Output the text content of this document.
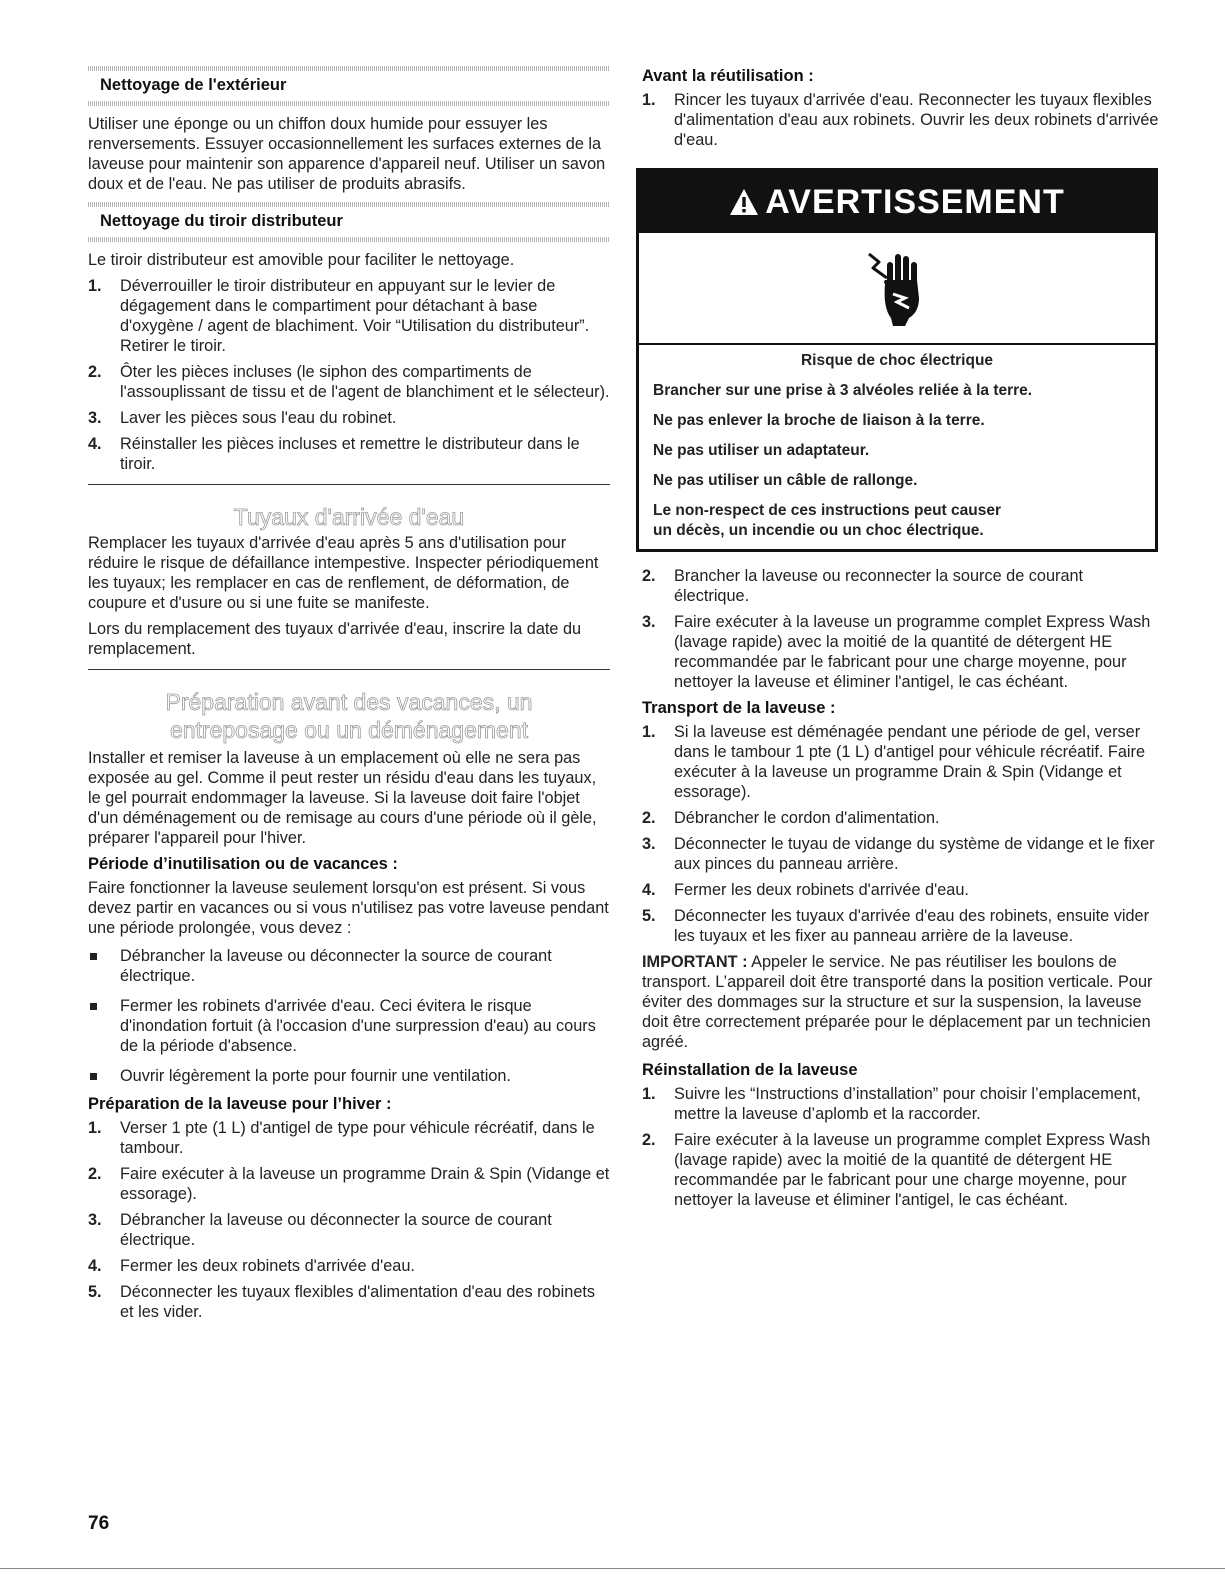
Nettoyage de l'extérieur

Utiliser une éponge ou un chiffon doux humide pour essuyer les renversements. Essuyer occasionnellement les surfaces externes de la laveuse pour maintenir son apparence d'appareil neuf. Utiliser un savon doux et de l'eau. Ne pas utiliser de produits abrasifs.

Nettoyage du tiroir distributeur

Le tiroir distributeur est amovible pour faciliter le nettoyage.

1. Déverrouiller le tiroir distributeur en appuyant sur le levier de dégagement dans le compartiment pour détachant à base d'oxygène / agent de blachiment. Voir “Utilisation du distributeur”. Retirer le tiroir.
2. Ôter les pièces incluses (le siphon des compartiments de l'assouplissant de tissu et de l'agent de blanchiment et le sélecteur).
3. Laver les pièces sous l'eau du robinet.
4. Réinstaller les pièces incluses et remettre le distributeur dans le tiroir.
Tuyaux d'arrivée d'eau

Remplacer les tuyaux d'arrivée d'eau après 5 ans d'utilisation pour réduire le risque de défaillance intempestive. Inspecter périodiquement les tuyaux; les remplacer en cas de renflement, de déformation, de coupure et d'usure ou si une fuite se manifeste.

Lors du remplacement des tuyaux d'arrivée d'eau, inscrire la date du remplacement.

Préparation avant des vacances, un
entreposage ou un déménagement

Installer et remiser la laveuse à un emplacement où elle ne sera pas exposée au gel. Comme il peut rester un résidu d'eau dans les tuyaux, le gel pourrait endommager la laveuse. Si la laveuse doit faire l'objet d'un déménagement ou de remisage au cours d'une période où il gèle, préparer l'appareil pour l'hiver.

Période d’inutilisation ou de vacances :

Faire fonctionner la laveuse seulement lorsqu'on est présent. Si vous devez partir en vacances ou si vous n'utilisez pas votre laveuse pendant une période prolongée, vous devez :

Débrancher la laveuse ou déconnecter la source de courant électrique.
Fermer les robinets d'arrivée d'eau. Ceci évitera le risque d'inondation fortuit (à l'occasion d'une surpression d'eau) au cours de la période d'absence.
Ouvrir légèrement la porte pour fournir une ventilation.
Préparation de la laveuse pour l’hiver :
1. Verser 1 pte (1 L) d'antigel de type pour véhicule récréatif, dans le tambour.
2. Faire exécuter à la laveuse un programme Drain & Spin (Vidange et essorage).
3. Débrancher la laveuse ou déconnecter la source de courant électrique.
4. Fermer les deux robinets d'arrivée d'eau.
5. Déconnecter les tuyaux flexibles d'alimentation d'eau des robinets et les vider.
Avant la réutilisation :
1. Rincer les tuyaux d'arrivée d'eau. Reconnecter les tuyaux flexibles d'alimentation d'eau aux robinets. Ouvrir les deux robinets d'arrivée d'eau.
AVERTISSEMENT

Risque de choc électrique

Brancher sur une prise à 3 alvéoles reliée à la terre.

Ne pas enlever la broche de liaison à la terre.

Ne pas utiliser un adaptateur.

Ne pas utiliser un câble de rallonge.

Le non-respect de ces instructions peut causer
un décès, un incendie ou un choc électrique.

2. Brancher la laveuse ou reconnecter la source de courant électrique.
3. Faire exécuter à la laveuse un programme complet Express Wash (lavage rapide) avec la moitié de la quantité de détergent HE recommandée par le fabricant pour une charge moyenne, pour nettoyer la laveuse et éliminer l'antigel, le cas échéant.
Transport de la laveuse :
1. Si la laveuse est déménagée pendant une période de gel, verser dans le tambour 1 pte (1 L) d'antigel pour véhicule récréatif. Faire exécuter à la laveuse un programme Drain & Spin (Vidange et essorage).
2. Débrancher le cordon d'alimentation.
3. Déconnecter le tuyau de vidange du système de vidange et le fixer aux pinces du panneau arrière.
4. Fermer les deux robinets d'arrivée d'eau.
5. Déconnecter les tuyaux d'arrivée d'eau des robinets, ensuite vider les tuyaux et les fixer au panneau arrière de la laveuse.

IMPORTANT : Appeler le service. Ne pas réutiliser les boulons de transport. L’appareil doit être transporté dans la position verticale. Pour éviter des dommages sur la structure et sur la suspension, la laveuse doit être correctement préparée pour le déplacement par un technicien agréé.

Réinstallation de la laveuse
1. Suivre les “Instructions d’installation” pour choisir l’emplacement, mettre la laveuse d’aplomb et la raccorder.
2. Faire exécuter à la laveuse un programme complet Express Wash (lavage rapide) avec la moitié de la quantité de détergent HE recommandée par le fabricant pour une charge moyenne, pour nettoyer la laveuse et éliminer l'antigel, le cas échéant.
76
